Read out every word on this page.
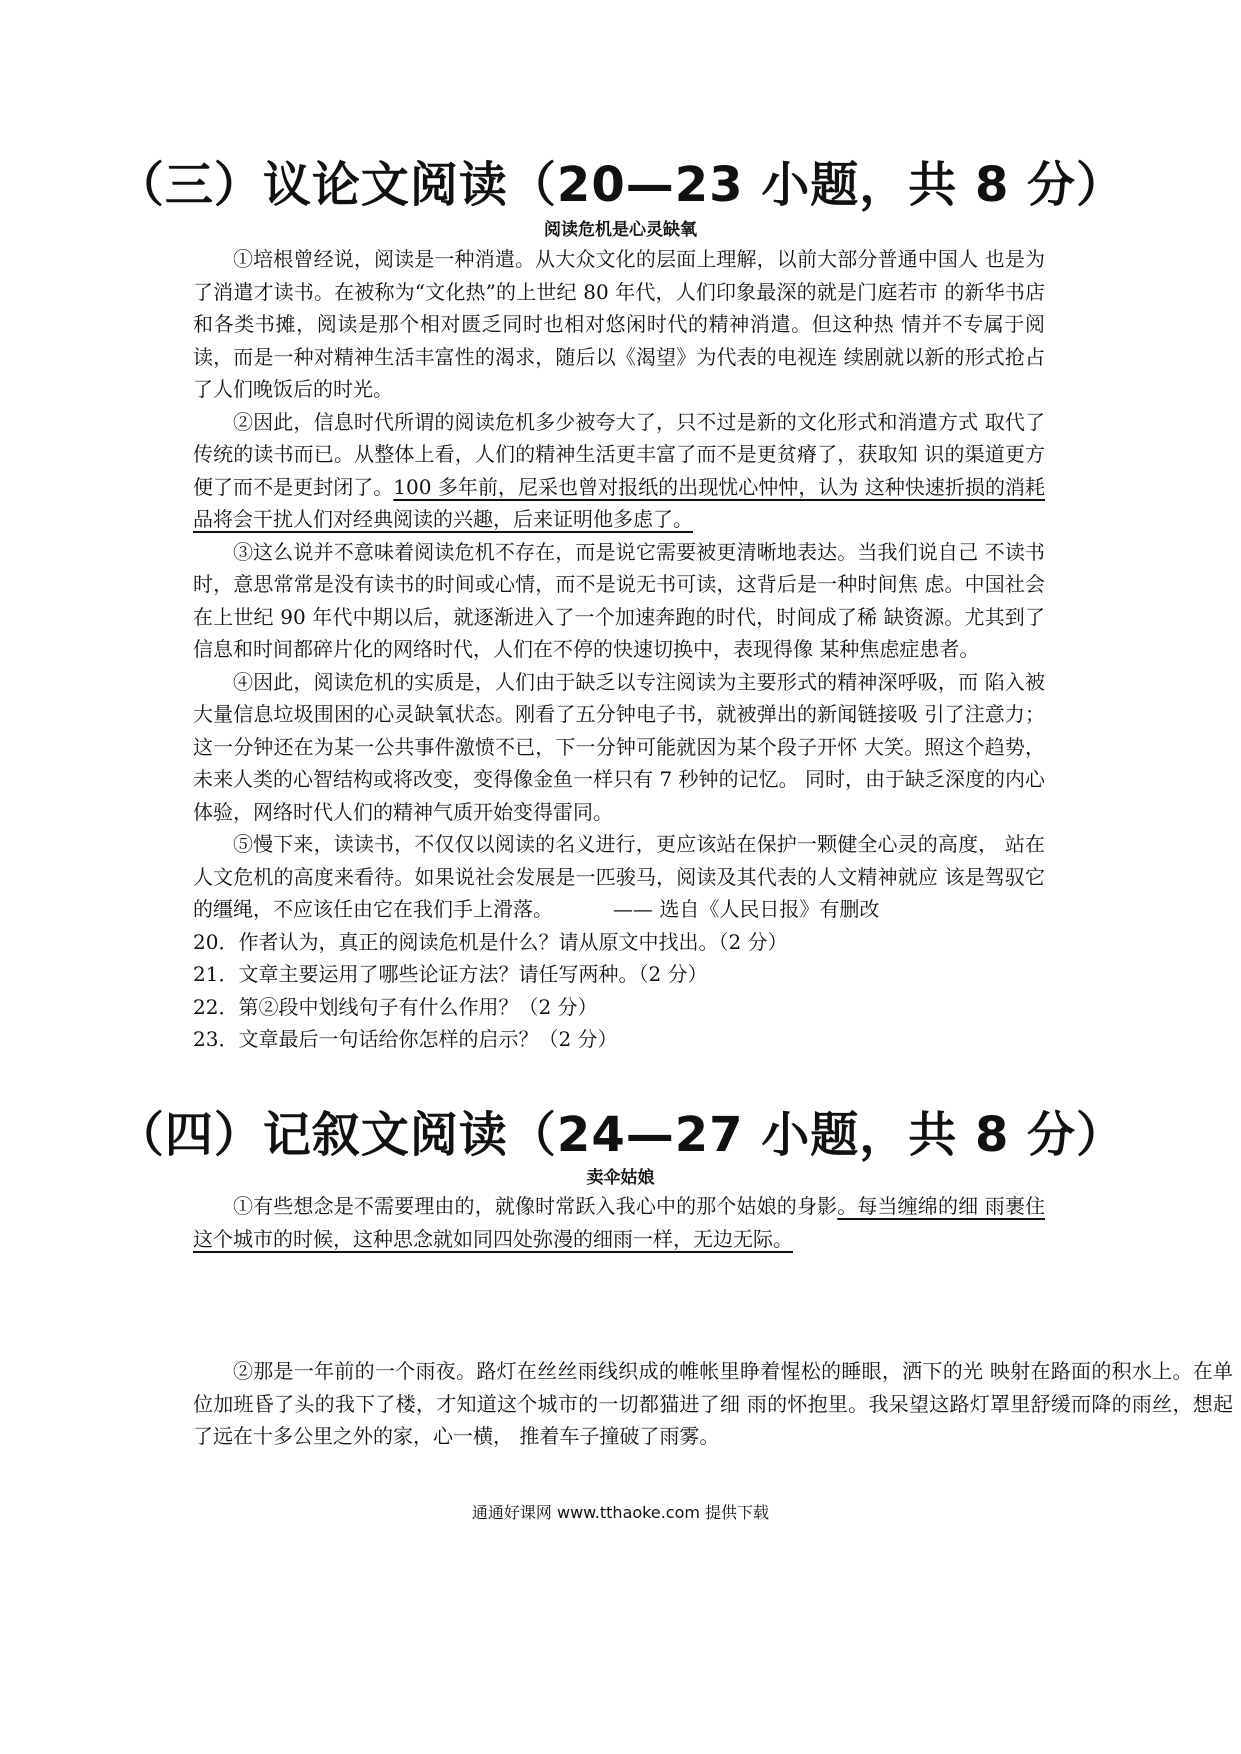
（三）议论文阅读（20—23 小题，共 8 分）
阅读危机是心灵缺氧

①培根曾经说，阅读是一种消遣。从大众文化的层面上理解，以前大部分普通中国人 也是为了消遣才读书。在被称为“文化热”的上世纪 80 年代，人们印象最深的就是门庭若市 的新华书店和各类书摊，阅读是那个相对匮乏同时也相对悠闲时代的精神消遣。但这种热 情并不专属于阅读，而是一种对精神生活丰富性的渴求，随后以《渴望》为代表的电视连 续剧就以新的形式抢占了人们晚饭后的时光。

②因此，信息时代所谓的阅读危机多少被夸大了，只不过是新的文化形式和消遣方式 取代了传统的读书而已。从整体上看，人们的精神生活更丰富了而不是更贫瘠了，获取知 识的渠道更方便了而不是更封闭了。100 多年前，尼采也曾对报纸的出现忧心忡忡，认为 这种快速折损的消耗品将会干扰人们对经典阅读的兴趣，后来证明他多虑了。

③这么说并不意味着阅读危机不存在，而是说它需要被更清晰地表达。当我们说自己 不读书时，意思常常是没有读书的时间或心情，而不是说无书可读，这背后是一种时间焦 虑。中国社会在上世纪 90 年代中期以后，就逐渐进入了一个加速奔跑的时代，时间成了稀 缺资源。尤其到了信息和时间都碎片化的网络时代，人们在不停的快速切换中，表现得像 某种焦虑症患者。

④因此，阅读危机的实质是，人们由于缺乏以专注阅读为主要形式的精神深呼吸，而 陷入被大量信息垃圾围困的心灵缺氧状态。刚看了五分钟电子书，就被弹出的新闻链接吸 引了注意力；这一分钟还在为某一公共事件激愤不已，下一分钟可能就因为某个段子开怀 大笑。照这个趋势，未来人类的心智结构或将改变，变得像金鱼一样只有 7 秒钟的记忆。 同时，由于缺乏深度的内心体验，网络时代人们的精神气质开始变得雷同。

⑤慢下来，读读书，不仅仅以阅读的名义进行，更应该站在保护一颗健全心灵的高度， 站在人文危机的高度来看待。如果说社会发展是一匹骏马，阅读及其代表的人文精神就应 该是驾驭它的缰绳，不应该任由它在我们手上滑落。	—— 选自《人民日报》有删改

20．作者认为，真正的阅读危机是什么？请从原文中找出。（2 分）

21．文章主要运用了哪些论证方法？请任写两种。（2 分）

22．第②段中划线句子有什么作用？（2 分）

23．文章最后一句话给你怎样的启示？（2 分）

（四）记叙文阅读（24—27 小题，共 8 分）
卖伞姑娘

①有些想念是不需要理由的，就像时常跃入我心中的那个姑娘的身影。每当缠绵的细 雨裹住这个城市的时候，这种思念就如同四处弥漫的细雨一样，无边无际。

②那是一年前的一个雨夜。路灯在丝丝雨线织成的帷帐里睁着惺松的睡眼，洒下的光 映射在路面的积水上。在单位加班昏了头的我下了楼，才知道这个城市的一切都猫进了细 雨的怀抱里。我呆望这路灯罩里舒缓而降的雨丝，想起了远在十多公里之外的家，心一横， 推着车子撞破了雨雾。

通通好课网 www.tthaoke.com 提供下载
